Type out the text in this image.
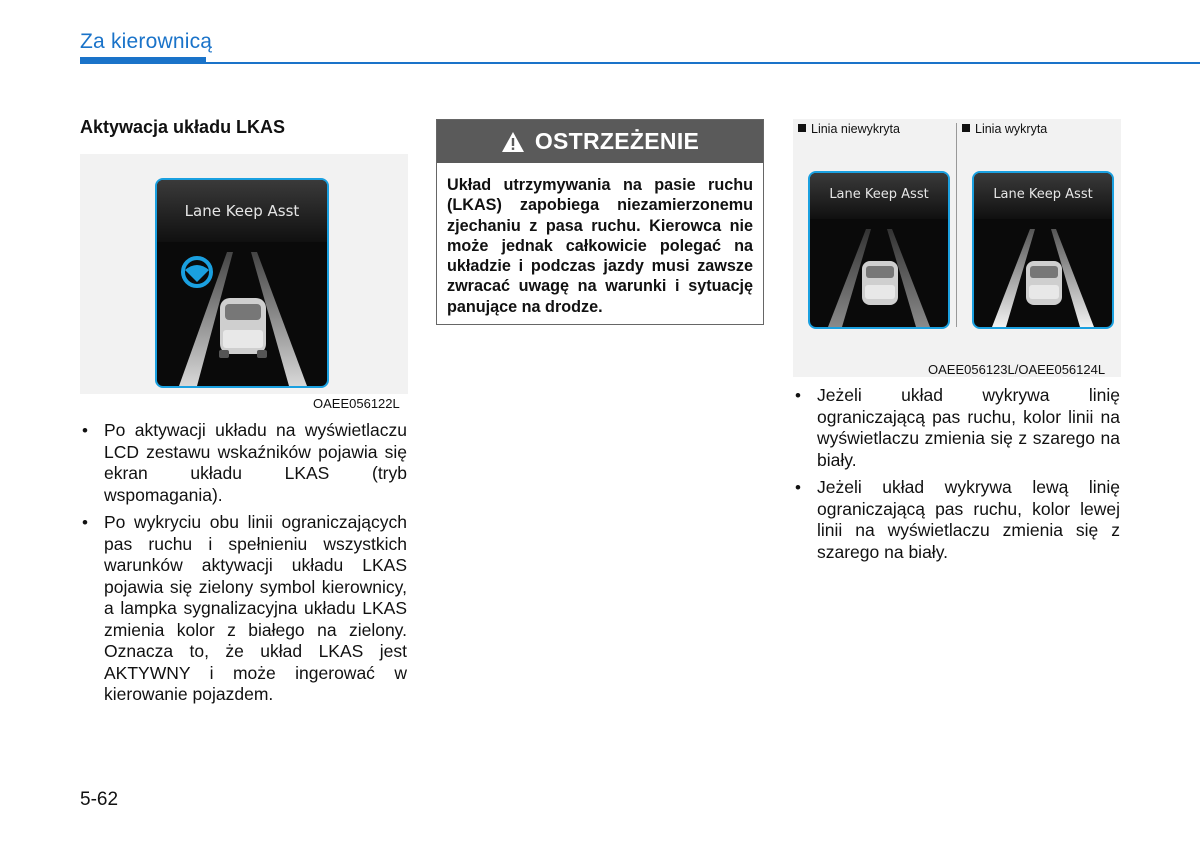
Za kierownicą
Aktywacja układu LKAS
Lane Keep Asst
OAEE056122L
• Po aktywacji układu na wyświetlaczu LCD zestawu wskaźników pojawia się ekran układu LKAS (tryb wspomagania).
• Po wykryciu obu linii ograniczających pas ruchu i spełnieniu wszystkich warunków aktywacji układu LKAS pojawia się zielony symbol kierownicy, a lampka sygnalizacyjna układu LKAS zmienia kolor z białego na zielony. Oznacza to, że układ LKAS jest AKTYWNY i może ingerować w kierowanie pojazdem.
OSTRZEŻENIE
Układ utrzymywania na pasie ruchu (LKAS) zapobiega niezamierzonemu zjechaniu z pasa ruchu. Kierowca nie może jednak całkowicie polegać na układzie i podczas jazdy musi zawsze zwracać uwagę na warunki i sytuację panujące na drodze.
Lane Keep Asst	Lane Keep Asst
Linia niewykryta	Linia wykryta
OAEE056123L/OAEE056124L
• Jeżeli układ wykrywa linię ograniczającą pas ruchu, kolor linii na wyświetlaczu zmienia się z szarego na biały.
• Jeżeli układ wykrywa lewą linię ograniczającą pas ruchu, kolor lewej linii na wyświetlaczu zmienia się z szarego na biały.
5-62
